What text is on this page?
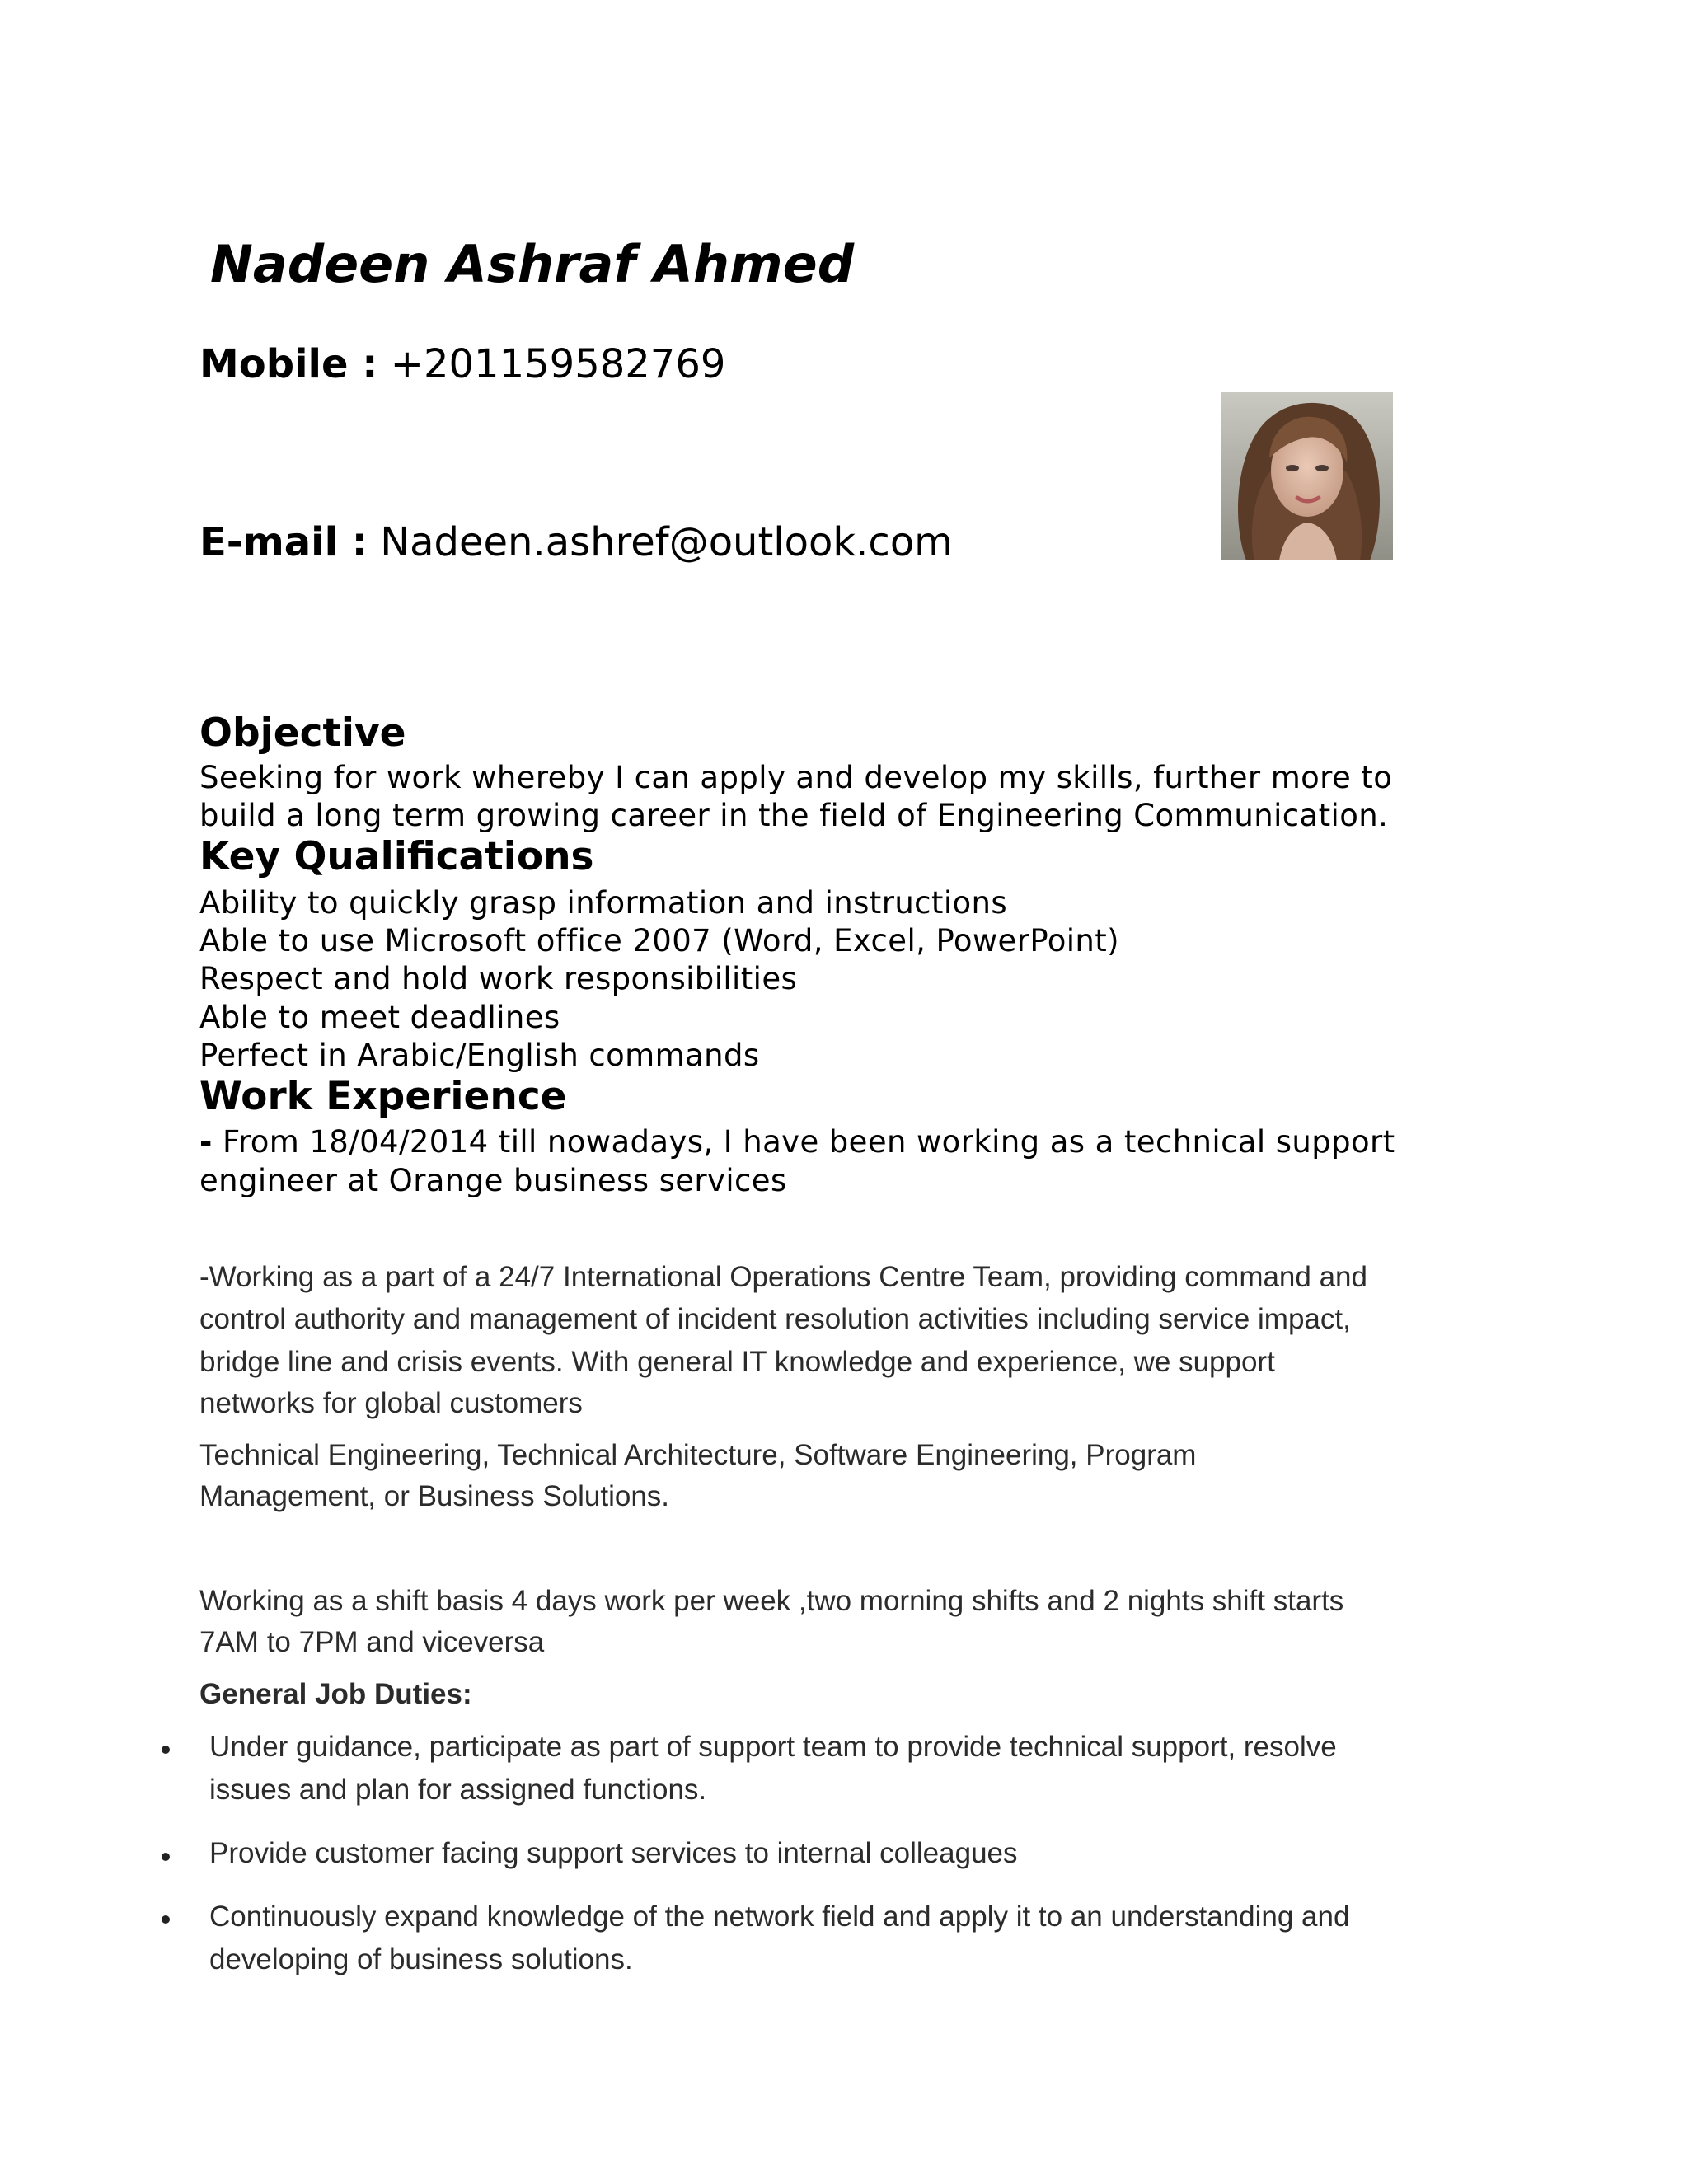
Nadeen Ashraf Ahmed
Mobile : +201159582769
E-mail : Nadeen.ashref@outlook.com
Objective
Seeking for work whereby I can apply and develop my skills, further more to
build a long term growing career in the field of Engineering Communication.
Key Qualifications
Ability to quickly grasp information and instructions
Able to use Microsoft office 2007 (Word, Excel, PowerPoint)
Respect and hold work responsibilities
Able to meet deadlines
Perfect in Arabic/English commands
Work Experience
- From 18/04/2014 till nowadays, I have been working as a technical support
engineer at Orange business services
-Working as a part of a 24/7 International Operations Centre Team, providing command and
control authority and management of incident resolution activities including service impact,
bridge line and crisis events. With general IT knowledge and experience, we support
networks for global customers
Technical Engineering, Technical Architecture, Software Engineering, Program
Management, or Business Solutions.
Working as a shift basis 4 days work per week ,two morning shifts and 2 nights shift starts
7AM to 7PM and viceversa
General Job Duties:
Under guidance, participate as part of support team to provide technical support, resolve
issues and plan for assigned functions.
Provide customer facing support services to internal colleagues
Continuously expand knowledge of the network field and apply it to an understanding and
developing of business solutions.
